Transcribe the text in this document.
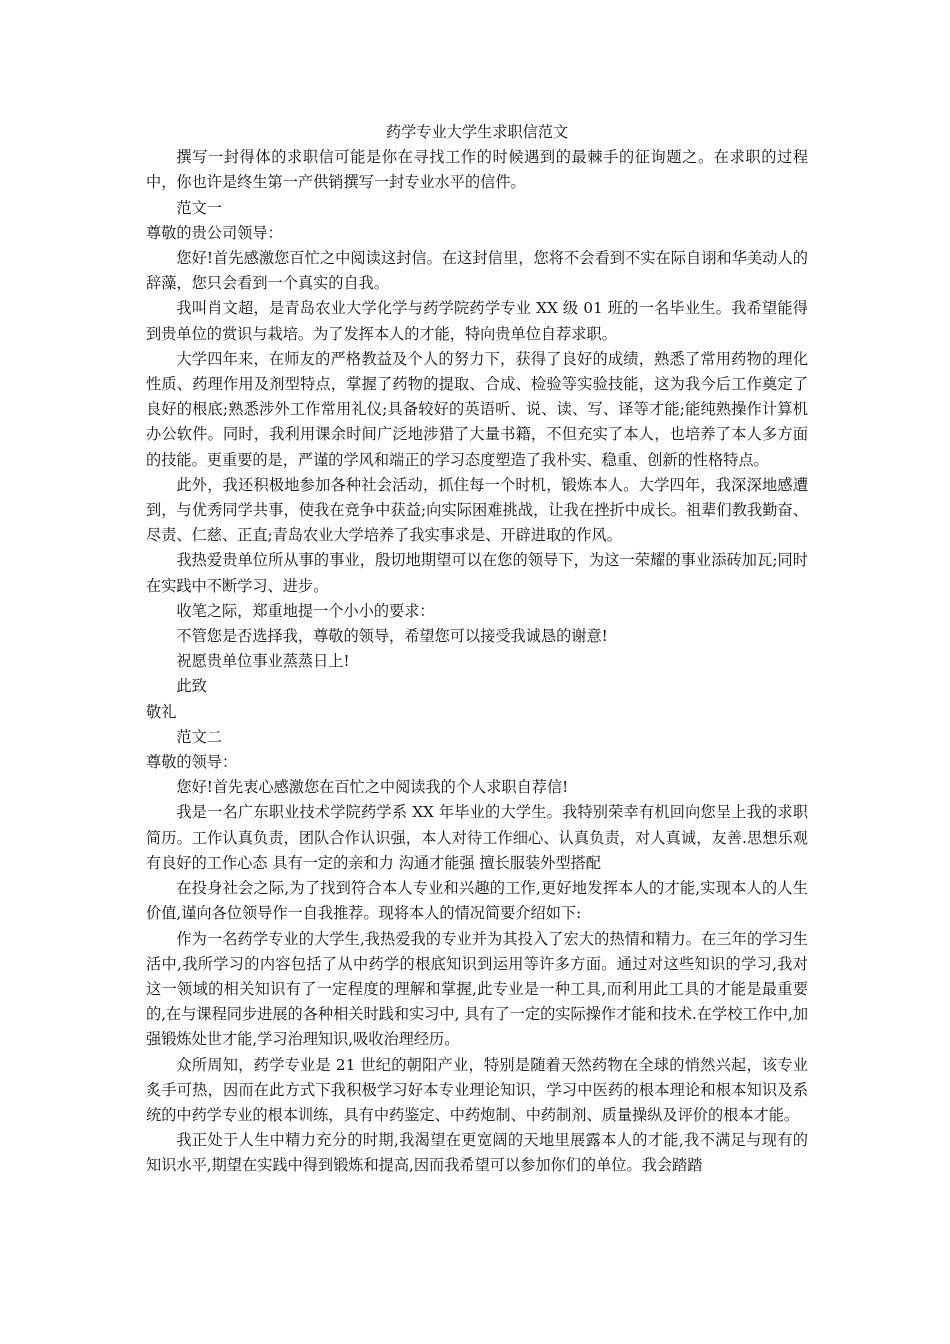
药学专业大学生求职信范文

撰写一封得体的求职信可能是你在寻找工作的时候遇到的最棘手的征询题之。在求职的过程中，你也许是终生第一产供销撰写一封专业水平的信件。

范文一

尊敬的贵公司领导：

您好!首先感激您百忙之中阅读这封信。在这封信里，您将不会看到不实在际自诩和华美动人的辞藻，您只会看到一个真实的自我。

我叫肖文超，是青岛农业大学化学与药学院药学专业 XX 级 01 班的一名毕业生。我希望能得到贵单位的赏识与栽培。为了发挥本人的才能，特向贵单位自荐求职。

大学四年来，在师友的严格教益及个人的努力下，获得了良好的成绩，熟悉了常用药物的理化性质、药理作用及剂型特点，掌握了药物的提取、合成、检验等实验技能，这为我今后工作奠定了良好的根底;熟悉涉外工作常用礼仪;具备较好的英语听、说、读、写、译等才能;能纯熟操作计算机办公软件。同时，我利用课余时间广泛地涉猎了大量书籍，不但充实了本人，也培养了本人多方面的技能。更重要的是，严谨的学风和端正的学习态度塑造了我朴实、稳重、创新的性格特点。

此外，我还积极地参加各种社会活动，抓住每一个时机，锻炼本人。大学四年，我深深地感遭到，与优秀同学共事，使我在竞争中获益;向实际困难挑战，让我在挫折中成长。祖辈们教我勤奋、尽责、仁慈、正直;青岛农业大学培养了我实事求是、开辟进取的作风。

我热爱贵单位所从事的事业，殷切地期望可以在您的领导下，为这一荣耀的事业添砖加瓦;同时在实践中不断学习、进步。

收笔之际，郑重地提一个小小的要求：

不管您是否选择我，尊敬的领导，希望您可以接受我诚恳的谢意!

祝愿贵单位事业蒸蒸日上!

此致

敬礼

范文二

尊敬的领导：

您好!首先衷心感激您在百忙之中阅读我的个人求职自荐信!

我是一名广东职业技术学院药学系 XX 年毕业的大学生。我特别荣幸有机回向您呈上我的求职简历。工作认真负责，团队合作认识强，本人对待工作细心、认真负责，对人真诚，友善.思想乐观 有良好的工作心态 具有一定的亲和力 沟通才能强 擅长服装外型搭配

在投身社会之际,为了找到符合本人专业和兴趣的工作,更好地发挥本人的才能,实现本人的人生价值,谨向各位领导作一自我推荐。现将本人的情况简要介绍如下:

作为一名药学专业的大学生,我热爱我的专业并为其投入了宏大的热情和精力。在三年的学习生活中,我所学习的内容包括了从中药学的根底知识到运用等许多方面。通过对这些知识的学习,我对这一领域的相关知识有了一定程度的理解和掌握,此专业是一种工具,而利用此工具的才能是最重要的,在与课程同步进展的各种相关时践和实习中, 具有了一定的实际操作才能和技术.在学校工作中,加强锻炼处世才能,学习治理知识,吸收治理经历。

众所周知，药学专业是 21 世纪的朝阳产业，特别是随着天然药物在全球的悄然兴起，该专业炙手可热，因而在此方式下我积极学习好本专业理论知识，学习中医药的根本理论和根本知识及系统的中药学专业的根本训练，具有中药鉴定、中药炮制、中药制剂、质量操纵及评价的根本才能。

我正处于人生中精力充分的时期,我渴望在更宽阔的天地里展露本人的才能,我不满足与现有的知识水平,期望在实践中得到锻炼和提高,因而我希望可以参加你们的单位。我会踏踏
